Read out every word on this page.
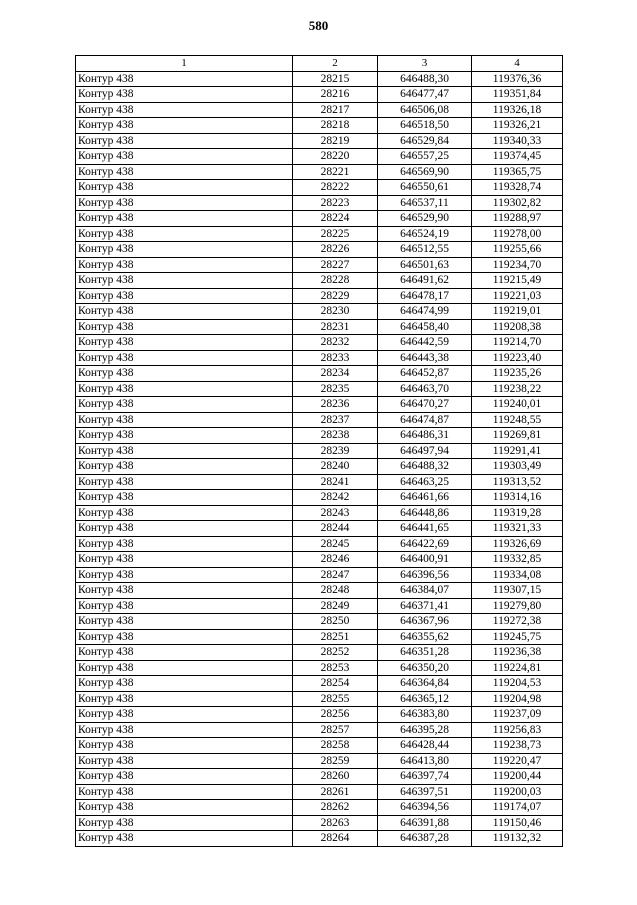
580
1	2	3	4
Контур 438	28215	646488,30	119376,36
Контур 438	28216	646477,47	119351,84
Контур 438	28217	646506,08	119326,18
Контур 438	28218	646518,50	119326,21
Контур 438	28219	646529,84	119340,33
Контур 438	28220	646557,25	119374,45
Контур 438	28221	646569,90	119365,75
Контур 438	28222	646550,61	119328,74
Контур 438	28223	646537,11	119302,82
Контур 438	28224	646529,90	119288,97
Контур 438	28225	646524,19	119278,00
Контур 438	28226	646512,55	119255,66
Контур 438	28227	646501,63	119234,70
Контур 438	28228	646491,62	119215,49
Контур 438	28229	646478,17	119221,03
Контур 438	28230	646474,99	119219,01
Контур 438	28231	646458,40	119208,38
Контур 438	28232	646442,59	119214,70
Контур 438	28233	646443,38	119223,40
Контур 438	28234	646452,87	119235,26
Контур 438	28235	646463,70	119238,22
Контур 438	28236	646470,27	119240,01
Контур 438	28237	646474,87	119248,55
Контур 438	28238	646486,31	119269,81
Контур 438	28239	646497,94	119291,41
Контур 438	28240	646488,32	119303,49
Контур 438	28241	646463,25	119313,52
Контур 438	28242	646461,66	119314,16
Контур 438	28243	646448,86	119319,28
Контур 438	28244	646441,65	119321,33
Контур 438	28245	646422,69	119326,69
Контур 438	28246	646400,91	119332,85
Контур 438	28247	646396,56	119334,08
Контур 438	28248	646384,07	119307,15
Контур 438	28249	646371,41	119279,80
Контур 438	28250	646367,96	119272,38
Контур 438	28251	646355,62	119245,75
Контур 438	28252	646351,28	119236,38
Контур 438	28253	646350,20	119224,81
Контур 438	28254	646364,84	119204,53
Контур 438	28255	646365,12	119204,98
Контур 438	28256	646383,80	119237,09
Контур 438	28257	646395,28	119256,83
Контур 438	28258	646428,44	119238,73
Контур 438	28259	646413,80	119220,47
Контур 438	28260	646397,74	119200,44
Контур 438	28261	646397,51	119200,03
Контур 438	28262	646394,56	119174,07
Контур 438	28263	646391,88	119150,46
Контур 438	28264	646387,28	119132,32
